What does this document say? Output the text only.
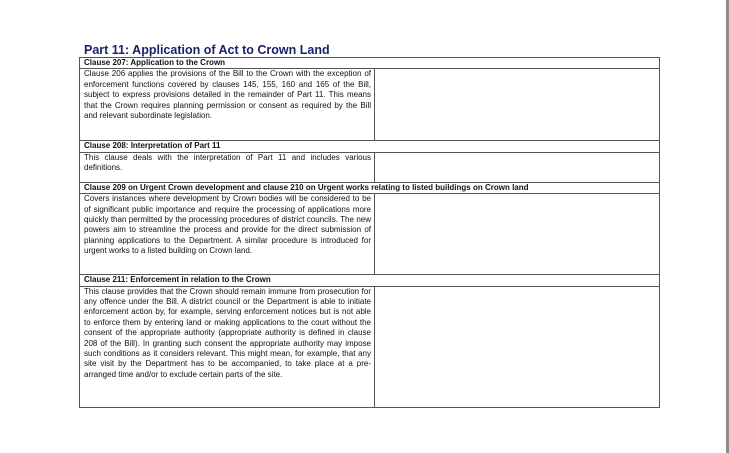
Part 11: Application of Act to Crown Land
Clause 207: Application to the Crown	
Clause 206 applies the provisions of the Bill to the Crown with the exception of enforcement functions covered by clauses 145, 155, 160 and 165 of the Bill, subject to express provisions detailed in the remainder of Part 11. This means that the Crown requires planning permission or consent as required by the Bill and relevant subordinate legislation.	
Clause 208: Interpretation of Part 11	
This clause deals with the interpretation of Part 11 and includes various definitions.	
Clause 209 on Urgent Crown development and clause 210 on Urgent works relating to listed buildings on Crown land	
Covers instances where development by Crown bodies will be considered to be of significant public importance and require the processing of applications more quickly than permitted by the processing procedures of district councils. The new powers aim to streamline the process and provide for the direct submission of planning applications to the Department. A similar procedure is introduced for urgent works to a listed building on Crown land.	
Clause 211: Enforcement in relation to the Crown	
This clause provides that the Crown should remain immune from prosecution for any offence under the Bill. A district council or the Department is able to initiate enforcement action by, for example, serving enforcement notices but is not able to enforce them by entering land or making applications to the court without the consent of the appropriate authority (appropriate authority is defined in clause 208 of the Bill). In granting such consent the appropriate authority may impose such conditions as it considers relevant. This might mean, for example, that any site visit by the Department has to be accompanied, to take place at a pre-arranged time and/or to exclude certain parts of the site.	
